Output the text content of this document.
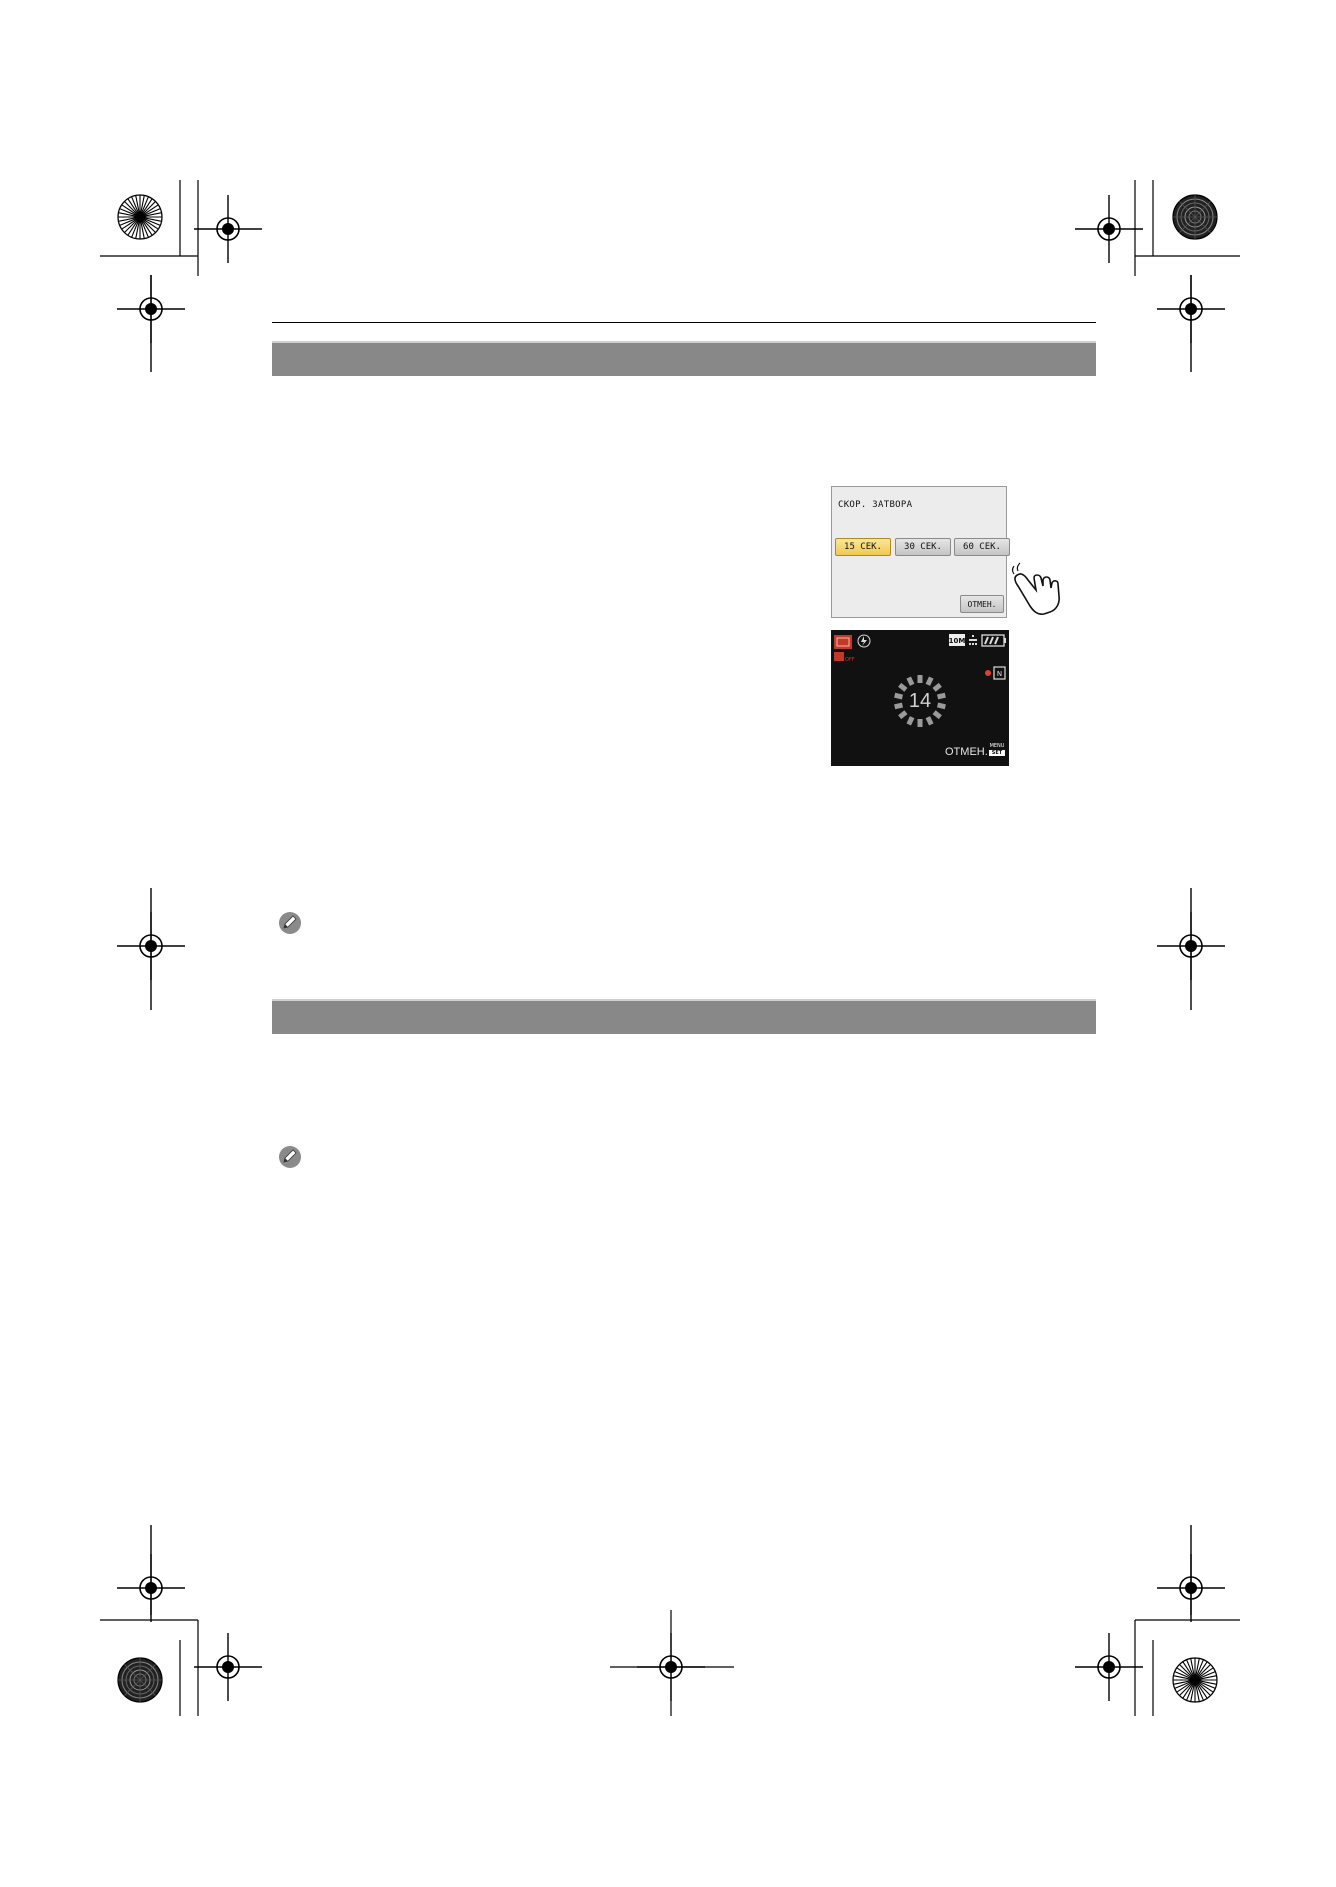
СКОР. ЗАТВОРА
15 СЕК.	30 СЕК.	60 СЕК.
ОТМЕН.
OFF
10M
N
14
ОТМЕН. MENU
SET
